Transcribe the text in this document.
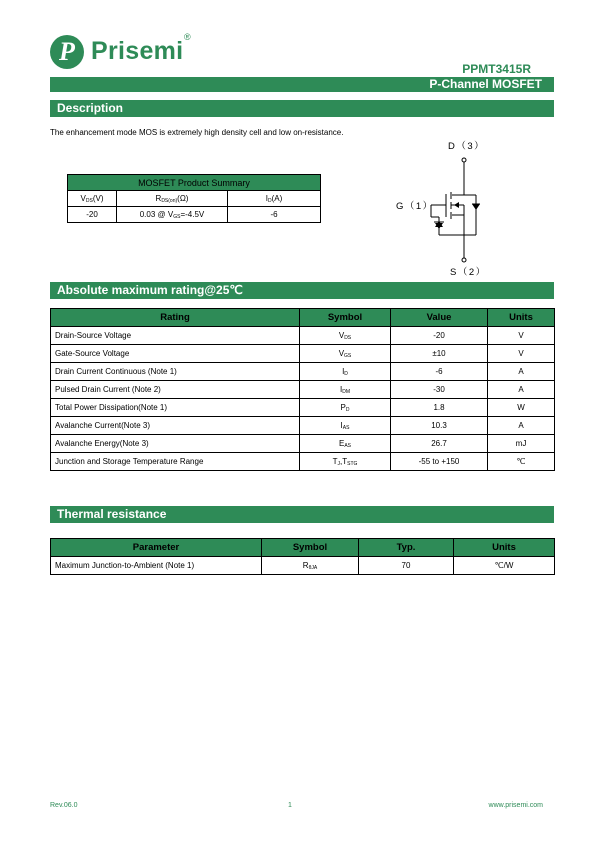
P Prisemi ®
PPMT3415R
P-Channel MOSFET
Description
The enhancement mode MOS is extremely high density cell and low on-resistance.
MOSFET Product Summary		
$V_{DS}(V)$	$R_{DS(on)}(\Omega)$	$I_D(A)$
-20	0.03 @ $V_{GS}=-4.5V$	-6
D（3）
G（1）
S（2）
Absolute maximum rating@25℃
Rating	Symbol	Value	Units
Drain-Source Voltage	$V_{DS}$	-20	V
Gate-Source Voltage	$V_{GS}$	±10	V
Drain Current Continuous (Note 1)	$I_D$	-6	A
Pulsed Drain Current (Note 2)	$I_{DM}$	-30	A
Total Power Dissipation(Note 1)	$P_D$	1.8	W
Avalanche Current(Note 3)	$I_{AS}$	10.3	A
Avalanche Energy(Note 3)	$E_{AS}$	26.7	mJ
Junction and Storage Temperature Range	$T_J,T_{STG}$	-55 to +150	℃
Thermal resistance
Parameter	Symbol	Typ.	Units
Maximum Junction-to-Ambient (Note 1)	$R_{\theta JA}$	70	℃/W
Rev.06.0	1	www.prisemi.com
